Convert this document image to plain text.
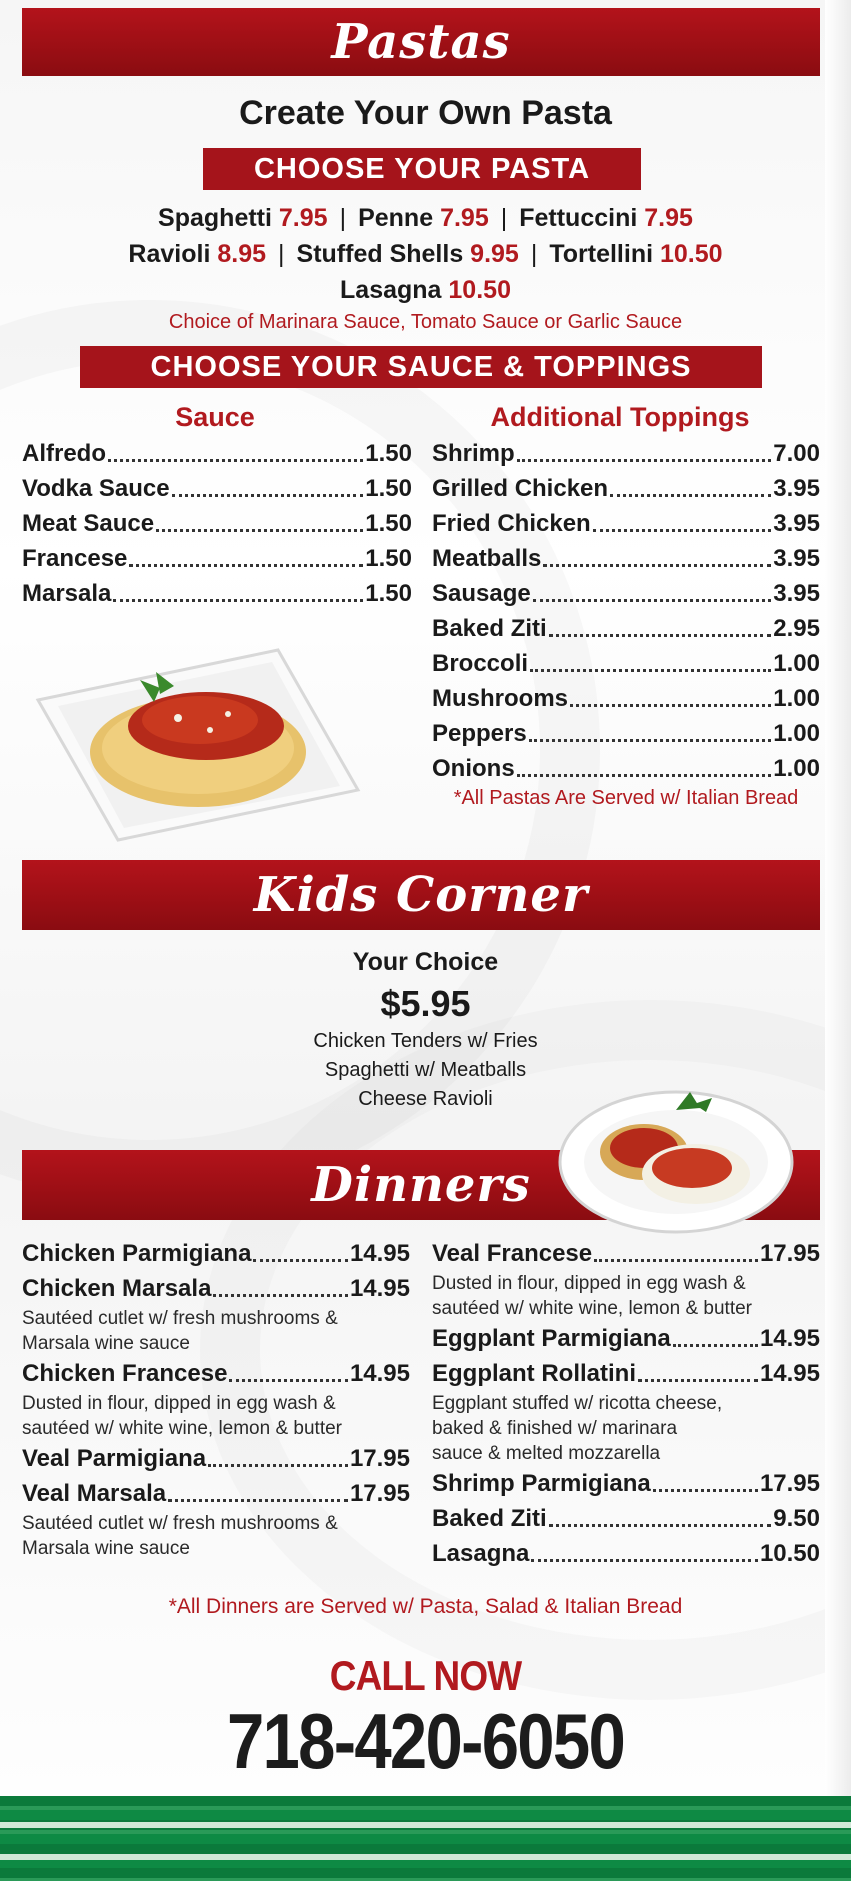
Pastas
Create Your Own Pasta
CHOOSE YOUR PASTA
Spaghetti 7.95 | Penne 7.95 | Fettuccini 7.95
Ravioli 8.95 | Stuffed Shells 9.95 | Tortellini 10.50
Lasagna 10.50
Choice of Marinara Sauce, Tomato Sauce or Garlic Sauce
CHOOSE YOUR SAUCE & TOPPINGS
Sauce	Additional Toppings
Alfredo	1.50
Vodka Sauce	1.50
Meat Sauce	1.50
Francese	1.50
Marsala	1.50
Shrimp	7.00
Grilled Chicken	3.95
Fried Chicken	3.95
Meatballs	3.95
Sausage	3.95
Baked Ziti	2.95
Broccoli	1.00
Mushrooms	1.00
Peppers	1.00
Onions	1.00
*All Pastas Are Served w/ Italian Bread
Kids Corner
Your Choice
$5.95
Chicken Tenders w/ Fries
Spaghetti w/ Meatballs
Cheese Ravioli
Dinners
Chicken Parmigiana	14.95
Chicken Marsala	14.95
Sautéed cutlet w/ fresh mushrooms &
Marsala wine sauce
Chicken Francese	14.95
Dusted in flour, dipped in egg wash &
sautéed w/ white wine, lemon & butter
Veal Parmigiana	17.95
Veal Marsala	17.95
Sautéed cutlet w/ fresh mushrooms &
Marsala wine sauce
Veal Francese	17.95
Dusted in flour, dipped in egg wash &
sautéed w/ white wine, lemon & butter
Eggplant Parmigiana	14.95
Eggplant Rollatini	14.95
Eggplant stuffed w/ ricotta cheese,
baked & finished w/ marinara
sauce & melted mozzarella
Shrimp Parmigiana	17.95
Baked Ziti	9.50
Lasagna	10.50
*All Dinners are Served w/ Pasta, Salad & Italian Bread
CALL NOW
718-420-6050
